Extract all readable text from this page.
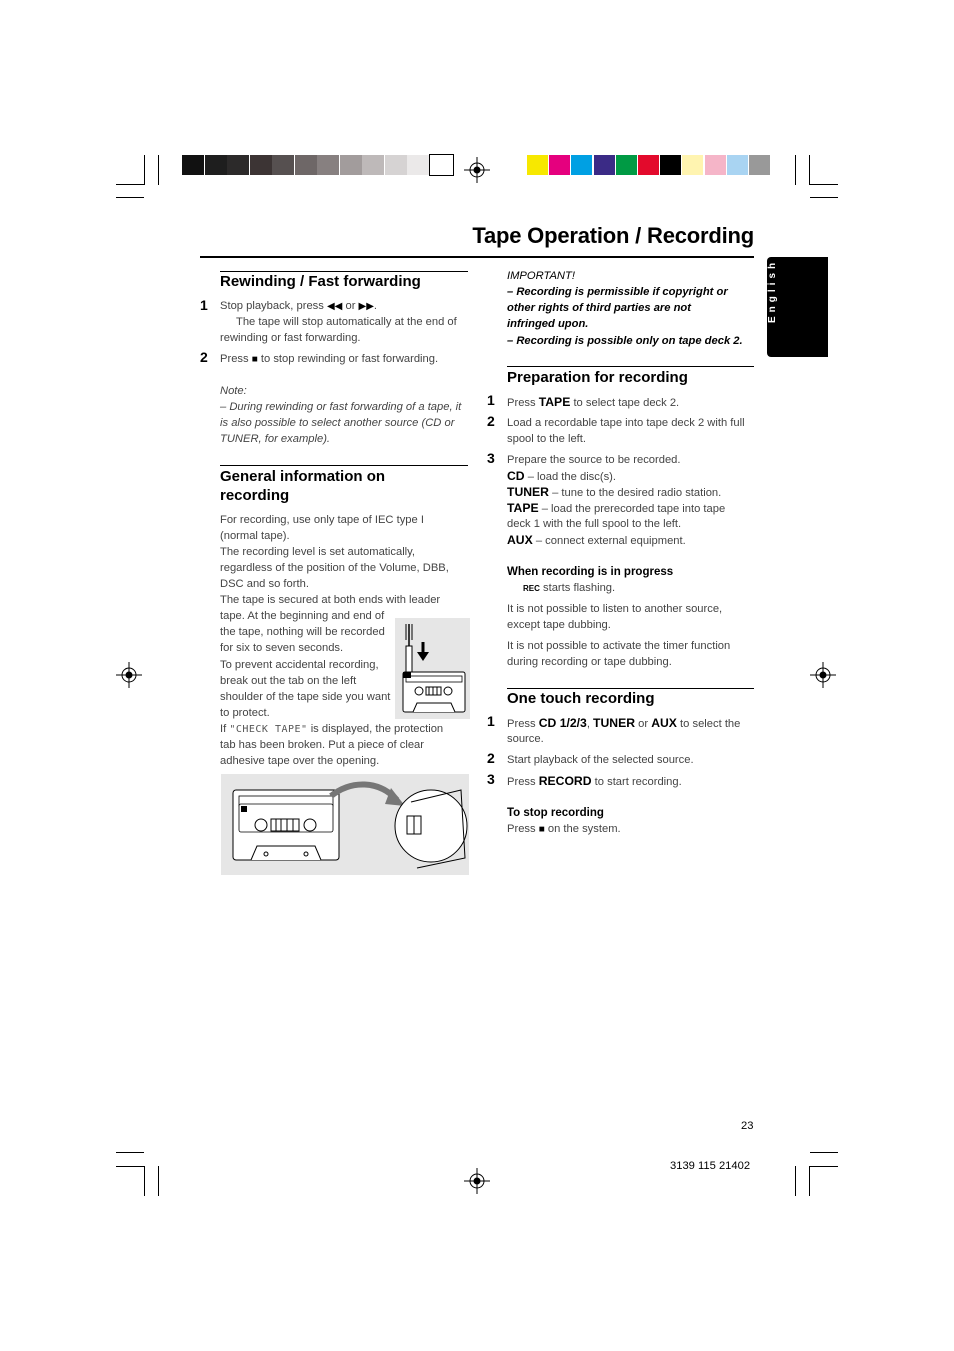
Tape Operation / Recording
Rewinding / Fast forwarding
1 Stop playback, press ◀◀ or ▶▶.
The tape will stop automatically at the end of
rewinding or fast forwarding.
2 Press ■ to stop rewinding or fast forwarding.
Note:
– During rewinding or fast forwarding of a tape, it
is also possible to select another source (CD or
TUNER, for example).
General information on
recording
For recording, use only tape of IEC type I
(normal tape).
The recording level is set automatically,
regardless of the position of the Volume, DBB,
DSC and so forth.
The tape is secured at both ends with leader
tape. At the beginning and end of
the tape, nothing will be recorded
for six to seven seconds.
To prevent accidental recording,
break out the tab on the left
shoulder of the tape side you want
to protect.
If "CHECK TAPE" is displayed, the protection
tab has been broken. Put a piece of clear
adhesive tape over the opening.
IMPORTANT!
– Recording is permissible if copyright or
other rights of third parties are not
infringed upon.
– Recording is possible only on tape deck 2.
Preparation for recording
1 Press TAPE to select tape deck 2.
2 Load a recordable tape into tape deck 2 with full
spool to the left.
3 Prepare the source to be recorded.
CD – load the disc(s).
TUNER – tune to the desired radio station.
TAPE – load the prerecorded tape into tape
deck 1 with the full spool to the left.
AUX – connect external equipment.
When recording is in progress
REC starts flashing.
It is not possible to listen to another source,
except tape dubbing.
It is not possible to activate the timer function
during recording or tape dubbing.
One touch recording
1 Press CD 1/2/3, TUNER or AUX to select the
source.
2 Start playback of the selected source.
3 Press RECORD to start recording.
To stop recording
Press ■ on the system.
23
3139 115 21402
